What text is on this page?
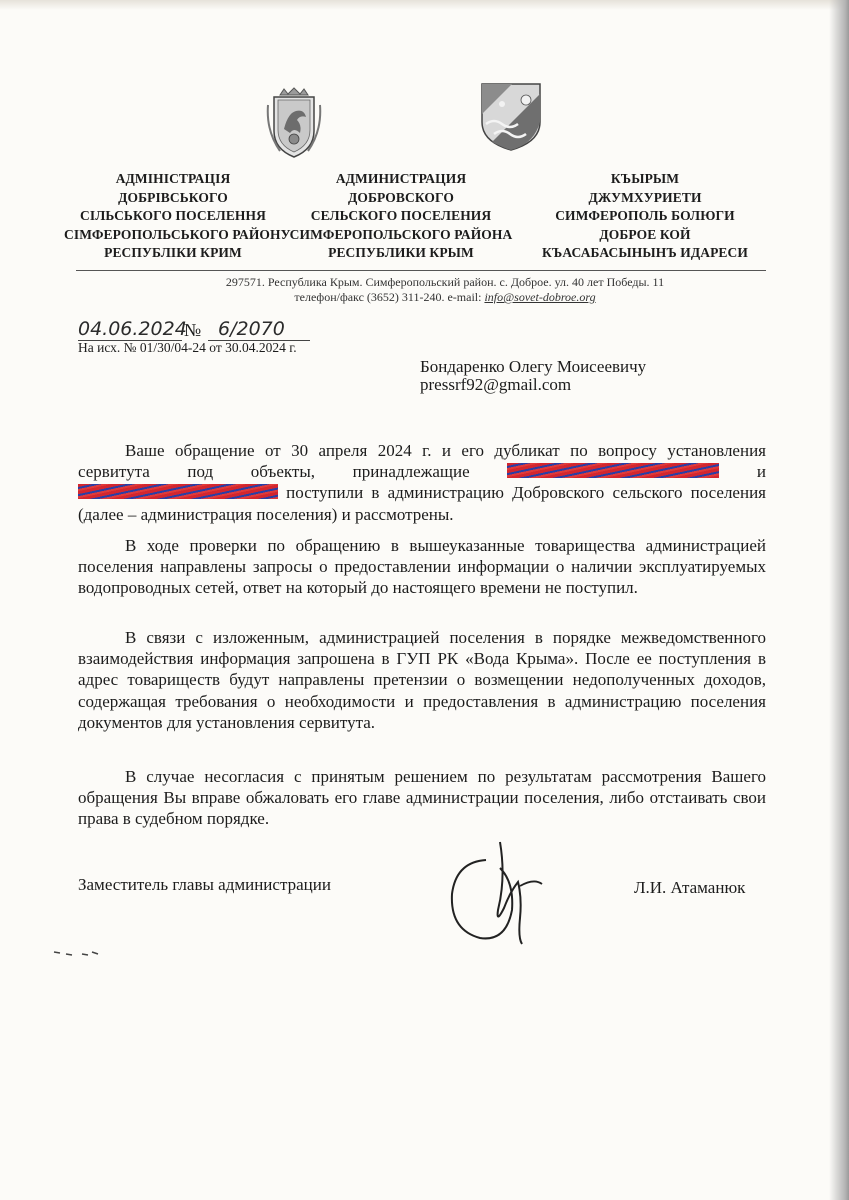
АДМІНІСТРАЦІЯ
ДОБРІВСЬКОГО
СІЛЬСЬКОГО ПОСЕЛЕННЯ
СІМФЕРОПОЛЬСЬКОГО РАЙОНУ
РЕСПУБЛІКИ КРИМ
АДМИНИСТРАЦИЯ
ДОБРОВСКОГО
СЕЛЬСКОГО ПОСЕЛЕНИЯ
СИМФЕРОПОЛЬСКОГО РАЙОНА
РЕСПУБЛИКИ КРЫМ
КЪЫРЫМ
ДЖУМХУРИЕТИ
СИМФЕРОПОЛЬ БОЛЮГИ
ДОБРОЕ КОЙ
КЪАСАБАСЫНЫНЪ ИДАРЕСИ
297571. Республика Крым. Симферопольский район. с. Доброе. ул. 40 лет Победы. 11
телефон/факс (3652) 311-240. e-mail: info@sovet-dobroe.org
04.06.2024
№ 6/2070
На исх. № 01/30/04-24 от 30.04.2024 г.
Бондаренко Олегу Моисеевичу
pressrf92@gmail.com

Ваше обращение от 30 апреля 2024 г. и его дубликат по вопросу установления сервитута под объекты, принадлежащие	и  поступили в администрацию Добровского сельского поселения (далее – администрация поселения) и рассмотрены.

В ходе проверки по обращению в вышеуказанные товарищества администрацией поселения направлены запросы о предоставлении информации о наличии эксплуатируемых водопроводных сетей, ответ на который до настоящего времени не поступил.

В связи с изложенным, администрацией поселения в порядке межведомственного взаимодействия информация запрошена в ГУП РК «Вода Крыма». После ее поступления в адрес товариществ будут направлены претензии о возмещении недополученных доходов, содержащая требования о необходимости и предоставления в администрацию поселения документов для установления сервитута.

В случае несогласия с принятым решением по результатам рассмотрения Вашего обращения Вы вправе обжаловать его главе администрации поселения, либо отстаивать свои права в судебном порядке.

Заместитель главы администрации	Л.И. Атаманюк
